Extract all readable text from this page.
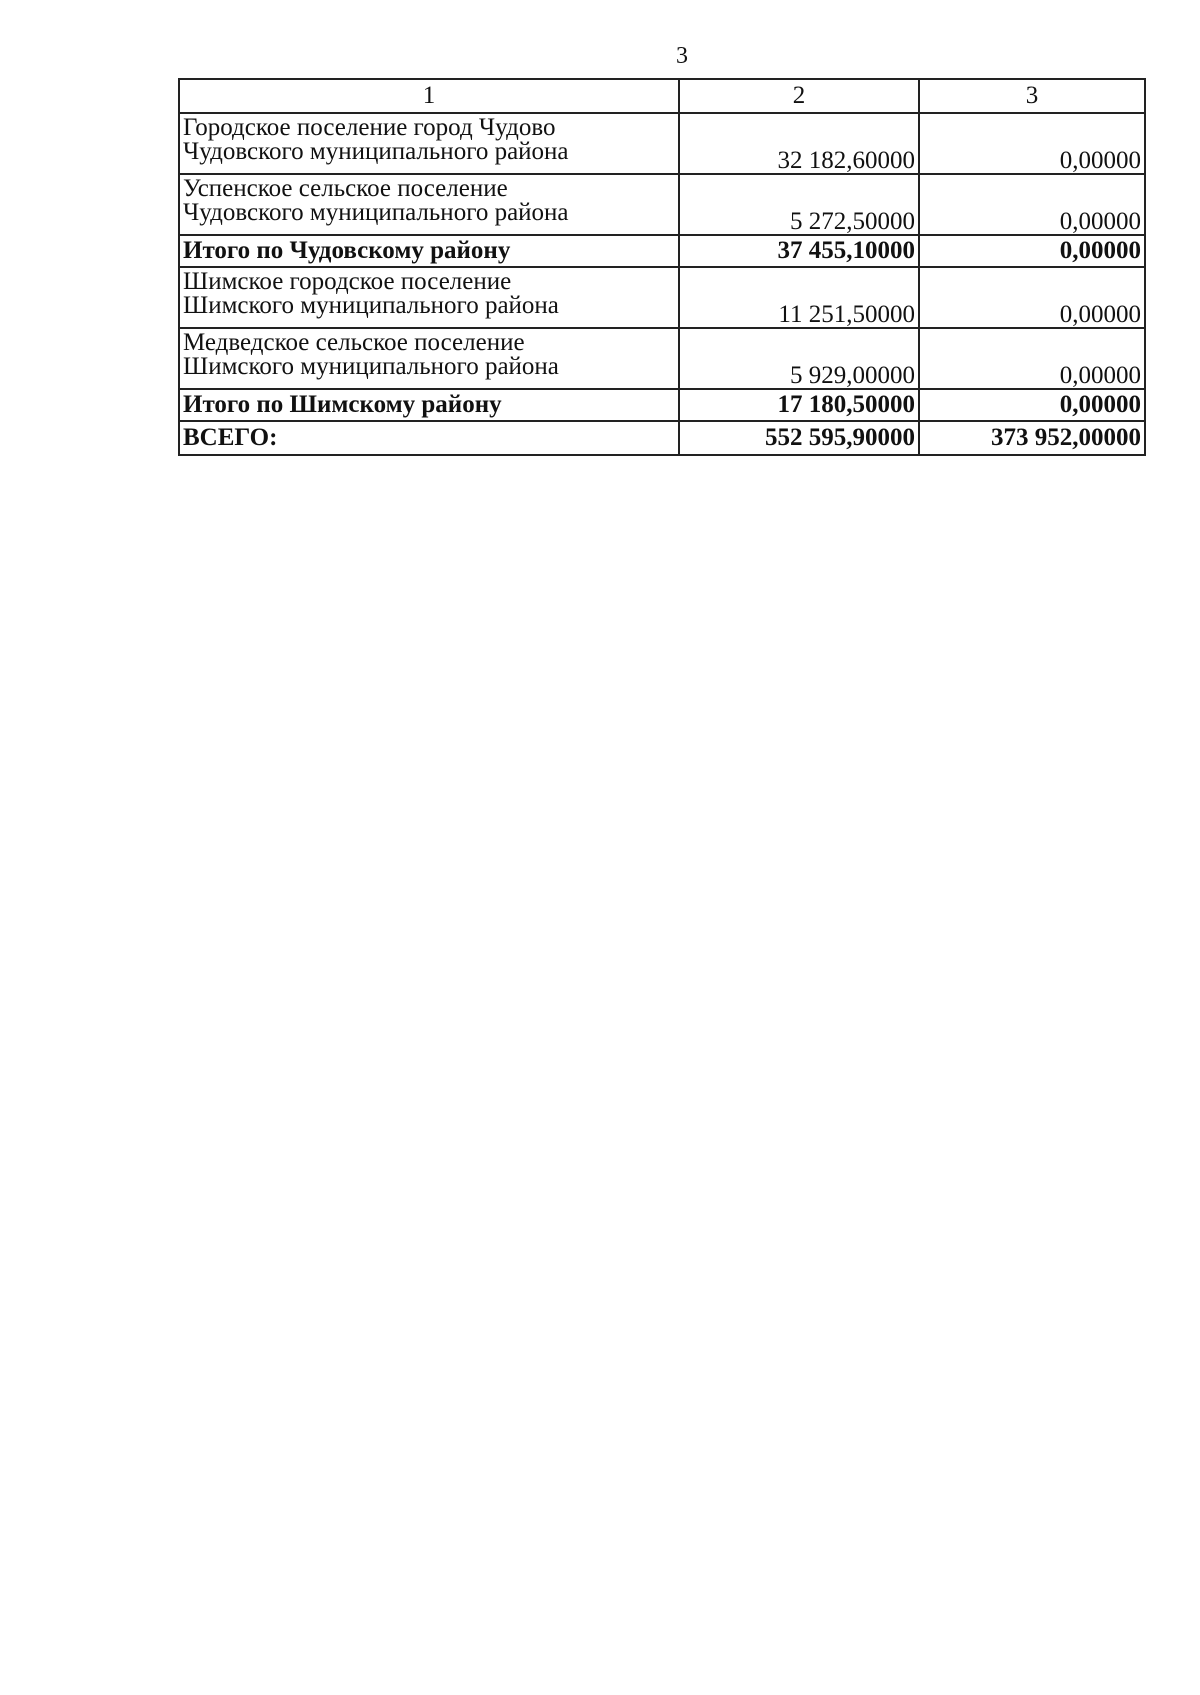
3
1	2	3

Городское поселение город Чудово
Чудовского муниципального района	32 182,60000	0,00000

Успенское сельское поселение
Чудовского муниципального района	5 272,50000	0,00000
Итого по Чудовскому району	37 455,10000	0,00000

Шимское городское поселение
Шимского муниципального района	11 251,50000	0,00000

Медведское сельское поселение
Шимского муниципального района	5 929,00000	0,00000
Итого по Шимскому району	17 180,50000	0,00000
ВСЕГО:	552 595,90000	373 952,00000
